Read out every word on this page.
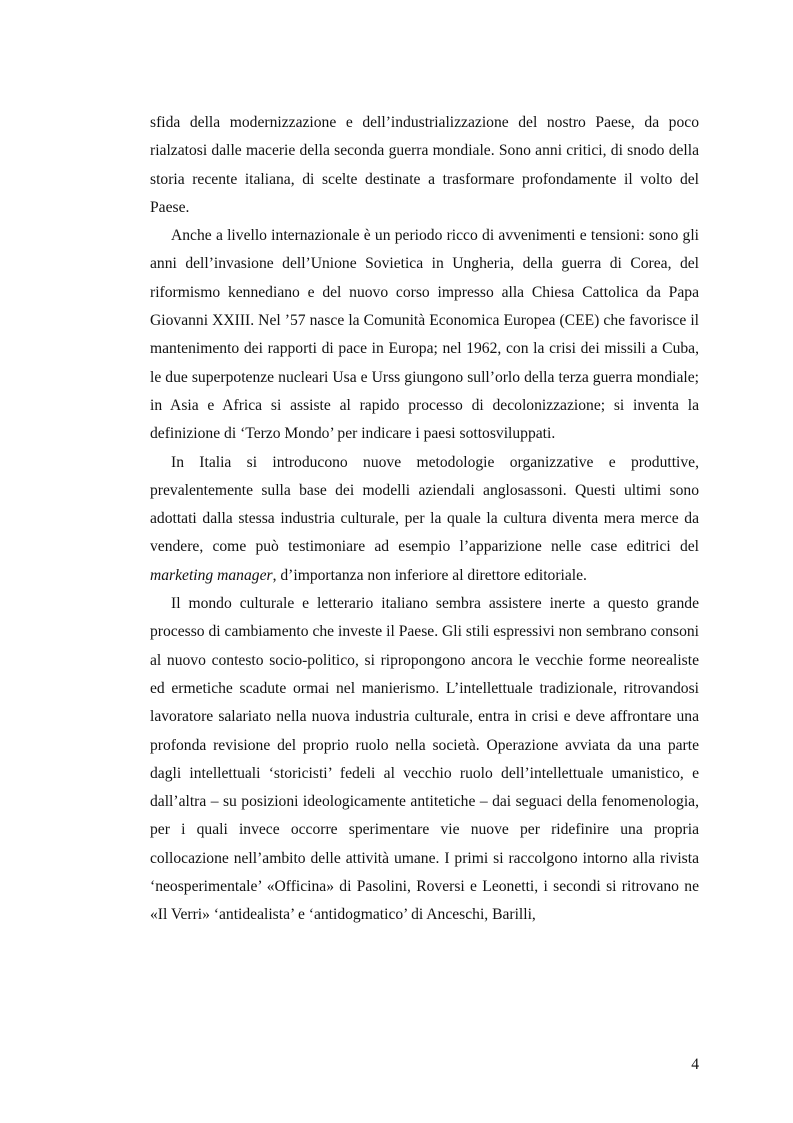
sfida della modernizzazione e dell’industrializzazione del nostro Paese, da poco rialzatosi dalle macerie della seconda guerra mondiale. Sono anni critici, di snodo della storia recente italiana, di scelte destinate a trasformare profondamente il volto del Paese.

Anche a livello internazionale è un periodo ricco di avvenimenti e tensioni: sono gli anni dell’invasione dell’Unione Sovietica in Ungheria, della guerra di Corea, del riformismo kennediano e del nuovo corso impresso alla Chiesa Cattolica da Papa Giovanni XXIII. Nel ’57 nasce la Comunità Economica Europea (CEE) che favorisce il mantenimento dei rapporti di pace in Europa; nel 1962, con la crisi dei missili a Cuba, le due superpotenze nucleari Usa e Urss giungono sull’orlo della terza guerra mondiale; in Asia e Africa si assiste al rapido processo di decolonizzazione; si inventa la definizione di ‘Terzo Mondo’ per indicare i paesi sottosviluppati.

In Italia si introducono nuove metodologie organizzative e produttive, prevalentemente sulla base dei modelli aziendali anglosassoni. Questi ultimi sono adottati dalla stessa industria culturale, per la quale la cultura diventa mera merce da vendere, come può testimoniare ad esempio l’apparizione nelle case editrici del marketing manager, d’importanza non inferiore al direttore editoriale.

Il mondo culturale e letterario italiano sembra assistere inerte a questo grande processo di cambiamento che investe il Paese. Gli stili espressivi non sembrano consoni al nuovo contesto socio-politico, si ripropongono ancora le vecchie forme neorealiste ed ermetiche scadute ormai nel manierismo. L’intellettuale tradizionale, ritrovandosi lavoratore salariato nella nuova industria culturale, entra in crisi e deve affrontare una profonda revisione del proprio ruolo nella società. Operazione avviata da una parte dagli intellettuali ‘storicisti’ fedeli al vecchio ruolo dell’intellettuale umanistico, e dall’altra – su posizioni ideologicamente antitetiche – dai seguaci della fenomenologia, per i quali invece occorre sperimentare vie nuove per ridefinire una propria collocazione nell’ambito delle attività umane. I primi si raccolgono intorno alla rivista ‘neosperimentale’ «Officina» di Pasolini, Roversi e Leonetti, i secondi si ritrovano ne «Il Verri» ‘antidealista’ e ‘antidogmatico’ di Anceschi, Barilli,

4
